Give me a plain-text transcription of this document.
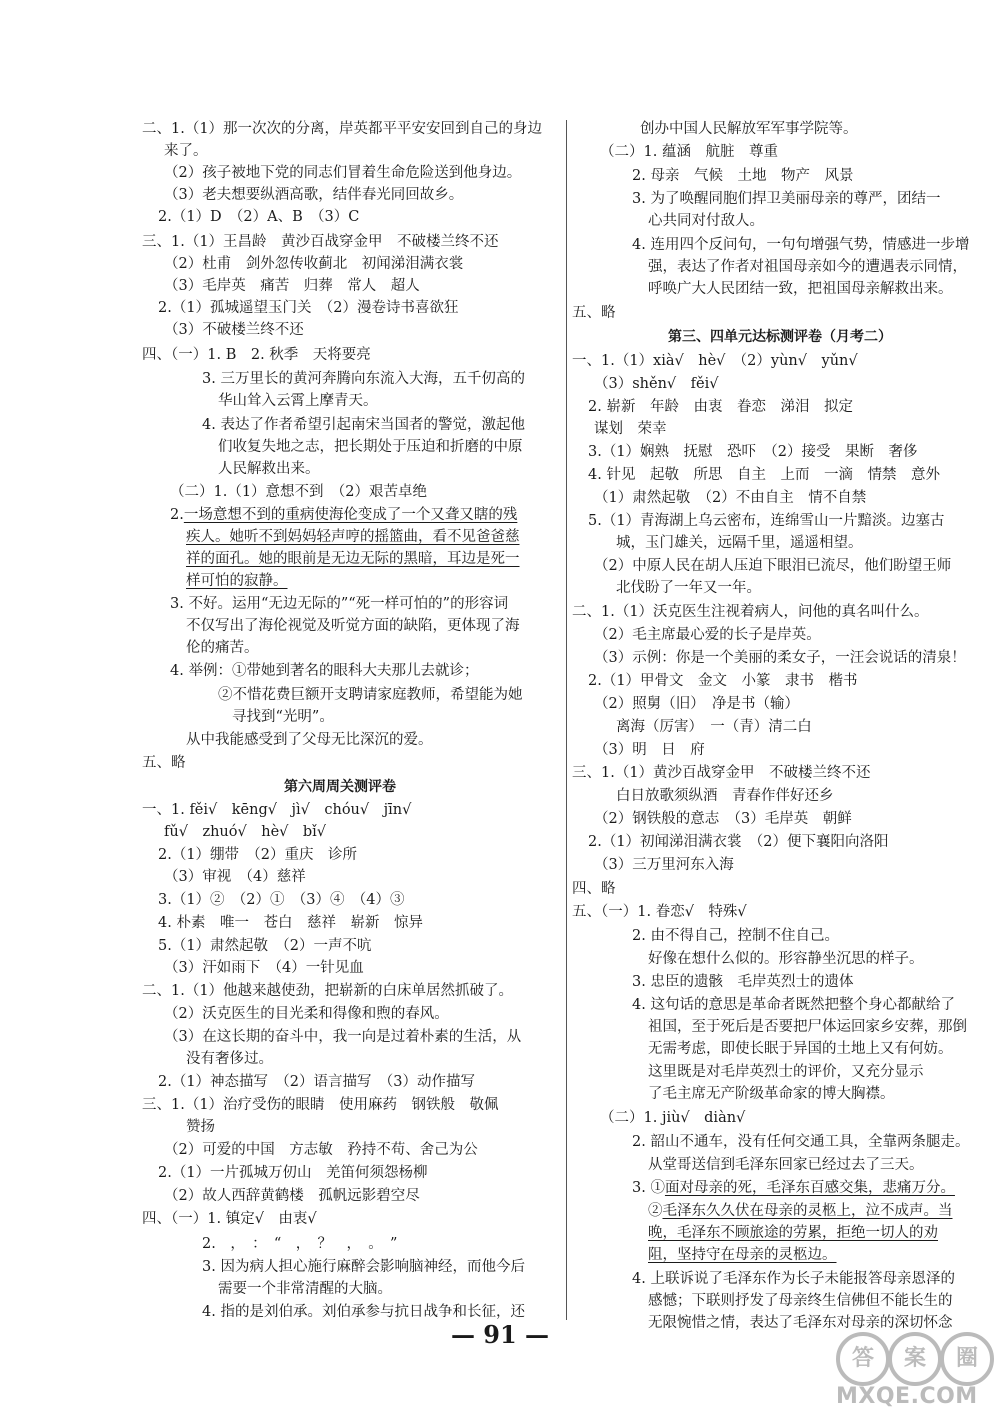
二、1.（1）那一次次的分离，岸英都平平安安回到自己的身边
来了。
（2）孩子被地下党的同志们冒着生命危险送到他身边。
（3）老夫想要纵酒高歌，结伴春光同回故乡。
2.（1）D　（2）A、B　（3）C
三、1.（1）王昌龄　黄沙百战穿金甲　不破楼兰终不还
（2）杜甫　剑外忽传收蓟北　初闻涕泪满衣裳
（3）毛岸英　痛苦　归葬　常人　超人
2.（1）孤城遥望玉门关　（2）漫卷诗书喜欲狂
（3）不破楼兰终不还
四、（一）1. B　2. 秋季　天将要亮
3. 三万里长的黄河奔腾向东流入大海，五千仞高的
华山耸入云霄上摩青天。
4. 表达了作者希望引起南宋当国者的警觉，激起他
们收复失地之志，把长期处于压迫和折磨的中原
人民解救出来。
（二）1.（1）意想不到　（2）艰苦卓绝
2.一场意想不到的重病使海伦变成了一个又聋又瞎的残
疾人。她听不到妈妈轻声哼的摇篮曲，看不见爸爸慈
祥的面孔。她的眼前是无边无际的黑暗，耳边是死一
样可怕的寂静。
3. 不好。运用“无边无际的”“死一样可怕的”的形容词
不仅写出了海伦视觉及听觉方面的缺陷，更体现了海
伦的痛苦。
4. 举例：①带她到著名的眼科大夫那儿去就诊；
②不惜花费巨额开支聘请家庭教师，希望能为她
寻找到“光明”。
从中我能感受到了父母无比深沉的爱。
五、略
第六周周关测评卷
一、1. fěi√　kēng√　jì√　chóu√　jīn√
fǔ√　zhuó√　hè√　bǐ√
2.（1）绷带　（2）重庆　诊所
（3）审视　（4）慈祥
3.（1）②　（2）①　（3）④　（4）③
4. 朴素　唯一　苍白　慈祥　崭新　惊异
5.（1）肃然起敬　（2）一声不吭
（3）汗如雨下　（4）一针见血
二、1.（1）他越来越使劲，把崭新的白床单居然抓破了。
（2）沃克医生的目光柔和得像和煦的春风。
（3）在这长期的奋斗中，我一向是过着朴素的生活，从
没有奢侈过。
2.（1）神态描写　（2）语言描写　（3）动作描写
三、1.（1）治疗受伤的眼睛　使用麻药　钢铁般　敬佩
赞扬
（2）可爱的中国　方志敏　矜持不苟、舍己为公
2.（1）一片孤城万仞山　羌笛何须怨杨柳
（2）故人西辞黄鹤楼　孤帆远影碧空尽
四、（一）1. 镇定√　由衷√
2.　，　：　“　，　？　，　。　”
3. 因为病人担心施行麻醉会影响脑神经，而他今后
需要一个非常清醒的大脑。
4. 指的是刘伯承。刘伯承参与抗日战争和长征，还
创办中国人民解放军军事学院等。
（二）1. 蕴涵　航脏　尊重
2. 母亲　气候　土地　物产　风景
3. 为了唤醒同胞们捍卫美丽母亲的尊严，团结一
心共同对付敌人。
4. 连用四个反问句，一句句增强气势，情感进一步增
强，表达了作者对祖国母亲如今的遭遇表示同情，
呼唤广大人民团结一致，把祖国母亲解救出来。
五、略
第三、四单元达标测评卷（月考二）
一、1.（1）xià√　hè√　（2）yùn√　yǔn√
（3）shěn√　fěi√
2. 崭新　年龄　由衷　眷恋　涕泪　拟定
谋划　荣幸
3.（1）娴熟　抚慰　恐吓　（2）接受　果断　奢侈
4. 针见　起敬　所思　自主　上而　一滴　情禁　意外
（1）肃然起敬　（2）不由自主　情不自禁
5.（1）青海湖上乌云密布，连绵雪山一片黯淡。边塞古
城，玉门雄关，远隔千里，遥遥相望。
（2）中原人民在胡人压迫下眼泪已流尽，他们盼望王师
北伐盼了一年又一年。
二、1.（1）沃克医生注视着病人，问他的真名叫什么。
（2）毛主席最心爱的长子是岸英。
（3）示例：你是一个美丽的柔女子，一汪会说话的清泉！
2.（1）甲骨文　金文　小篆　隶书　楷书
（2）照舅（旧）　净是书（输）
离海（厉害）　一（青）清二白
（3）明　日　府
三、1.（1）黄沙百战穿金甲　不破楼兰终不还
白日放歌须纵酒　青春作伴好还乡
（2）钢铁般的意志　（3）毛岸英　朝鲜
2.（1）初闻涕泪满衣裳　（2）便下襄阳向洛阳
（3）三万里河东入海
四、略
五、（一）1. 眷恋√　特殊√
2. 由不得自己，控制不住自己。
好像在想什么似的。形容静坐沉思的样子。
3. 忠臣的遗骸　毛岸英烈士的遗体
4. 这句话的意思是革命者既然把整个身心都献给了
祖国，至于死后是否要把尸体运回家乡安葬，那倒
无需考虑，即使长眠于异国的土地上又有何妨。
这里既是对毛岸英烈士的评价，又充分显示
了毛主席无产阶级革命家的博大胸襟。
（二）1. jiù√　diàn√
2. 韶山不通车，没有任何交通工具，全靠两条腿走。
从堂哥送信到毛泽东回家已经过去了三天。
3. ①面对母亲的死，毛泽东百感交集，悲痛万分。
②毛泽东久久伏在母亲的灵柩上，泣不成声。当
晚，毛泽东不顾旅途的劳累，拒绝一切人的劝
阻，坚持守在母亲的灵柩边。
4. 上联诉说了毛泽东作为长子未能报答母亲恩泽的
感憾；下联则抒发了母亲终生信佛但不能长生的
无限惋惜之情，表达了毛泽东对母亲的深切怀念
— 91 —
答	案	圈
MXQE.COM
